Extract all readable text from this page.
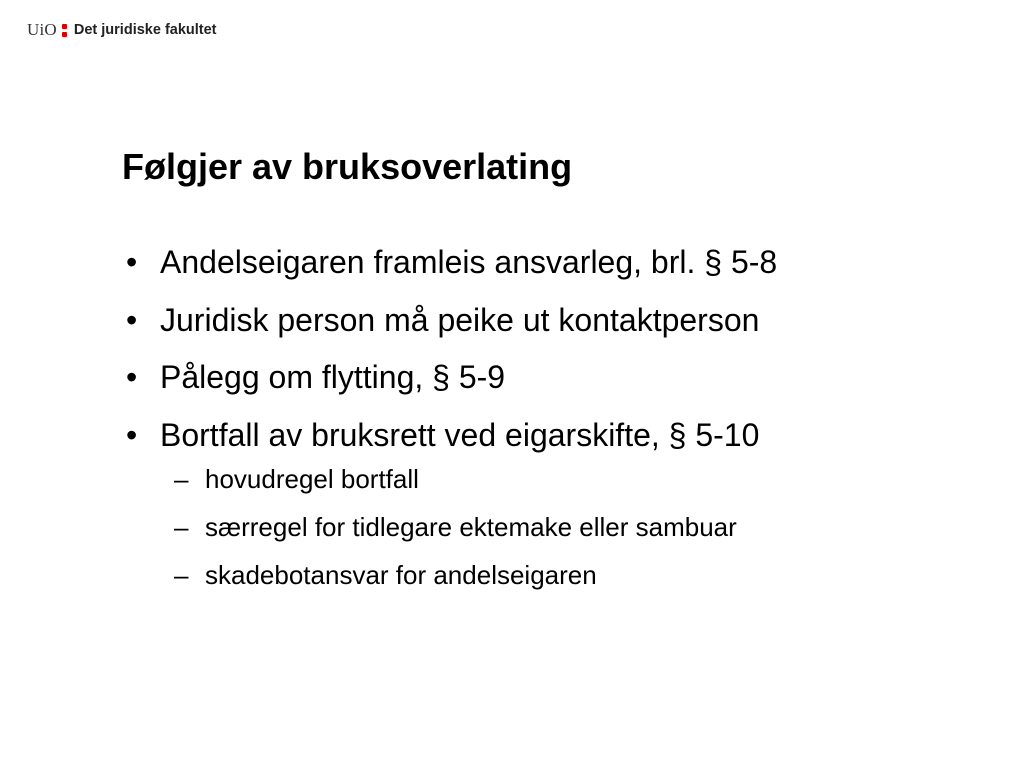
UiO Det juridiske fakultet
Følgjer av bruksoverlating
• Andelseigaren framleis ansvarleg, brl. § 5-8
• Juridisk person må peike ut kontaktperson
• Pålegg om flytting, § 5-9
• Bortfall av bruksrett ved eigarskifte, § 5-10
– hovudregel bortfall
– særregel for tidlegare ektemake eller sambuar
– skadebotansvar for andelseigaren
